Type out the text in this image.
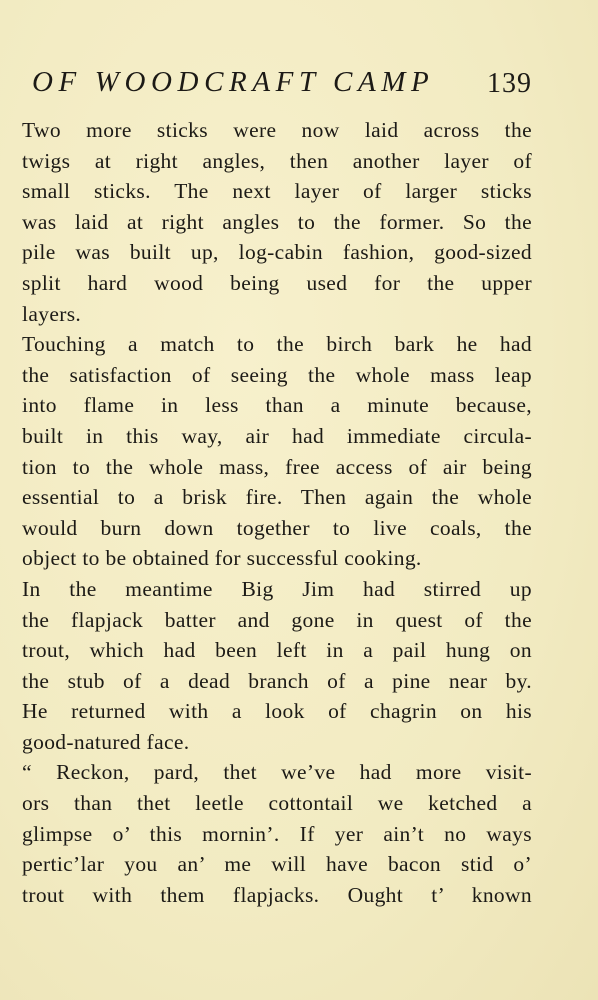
OF WOODCRAFT CAMP 139
Two more sticks were now laid across the
twigs at right angles, then another layer of
small sticks. The next layer of larger sticks
was laid at right angles to the former. So the
pile was built up, log-cabin fashion, good-sized
split hard wood being used for the upper
layers.
Touching a match to the birch bark he had
the satisfaction of seeing the whole mass leap
into flame in less than a minute because,
built in this way, air had immediate circula-
tion to the whole mass, free access of air being
essential to a brisk fire. Then again the whole
would burn down together to live coals, the
object to be obtained for successful cooking.
In the meantime Big Jim had stirred up
the flapjack batter and gone in quest of the
trout, which had been left in a pail hung on
the stub of a dead branch of a pine near by.
He returned with a look of chagrin on his
good-natured face.
“ Reckon, pard, thet we’ve had more visit-
ors than thet leetle cottontail we ketched a
glimpse o’ this mornin’. If yer ain’t no ways
pertic’lar you an’ me will have bacon stid o’
trout with them flapjacks. Ought t’ known
